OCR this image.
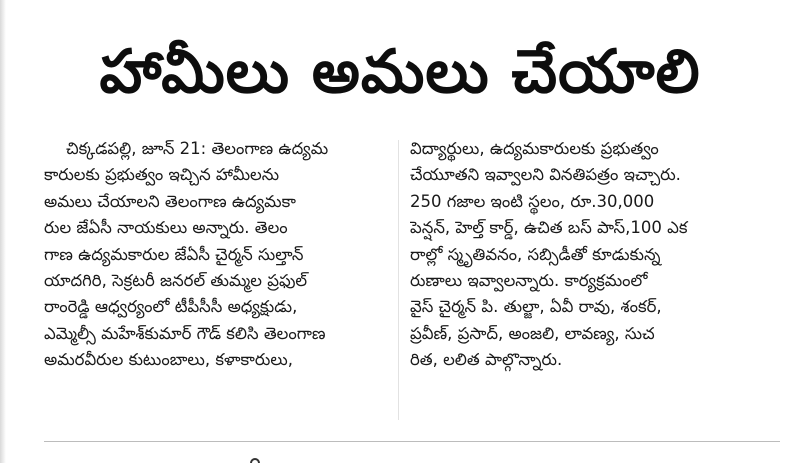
హామీలు అమలు చేయాలి
చిక్కడపల్లి, జూన్ 21: తెలంగాణ ఉద్యమ
కారులకు ప్రభుత్వం ఇచ్చిన హామీలను
అమలు చేయాలని తెలంగాణ ఉద్యమకా
రుల జేఏసీ నాయకులు అన్నారు. తెలం
గాణ ఉద్యమకారుల జేఏసీ చైర్మన్ సుల్తాన్
యాదగిరి, సెక్రటరీ జనరల్ తుమ్మల ప్రఫుల్
రాంరెడ్డి ఆధ్వర్యంలో టీపీసీసీ అధ్యక్షుడు,
ఎమ్మెల్సీ మహేశ్‌కుమార్ గౌడ్ కలిసి తెలంగాణ
అమరవీరుల కుటుంబాలు, కళాకారులు,
విద్యార్థులు, ఉద్యమకారులకు ప్రభుత్వం
చేయూతని ఇవ్వాలని వినతిపత్రం ఇచ్చారు.
250 గజాల ఇంటి స్థలం, రూ.30,000
పెన్షన్, హెల్త్ కార్డ్, ఉచిత బస్ పాస్,100 ఎక
రాల్లో స్మృతివనం, సబ్సిడీతో కూడుకున్న
రుణాలు ఇవ్వాలన్నారు. కార్యక్రమంలో
వైస్ చైర్మన్ పి. తుల్జా, ఏవీ రావు, శంకర్,
ప్రవీణ్, ప్రసాద్, అంజలి, లావణ్య, సుచ
రిత, లలిత పాల్గొన్నారు.
